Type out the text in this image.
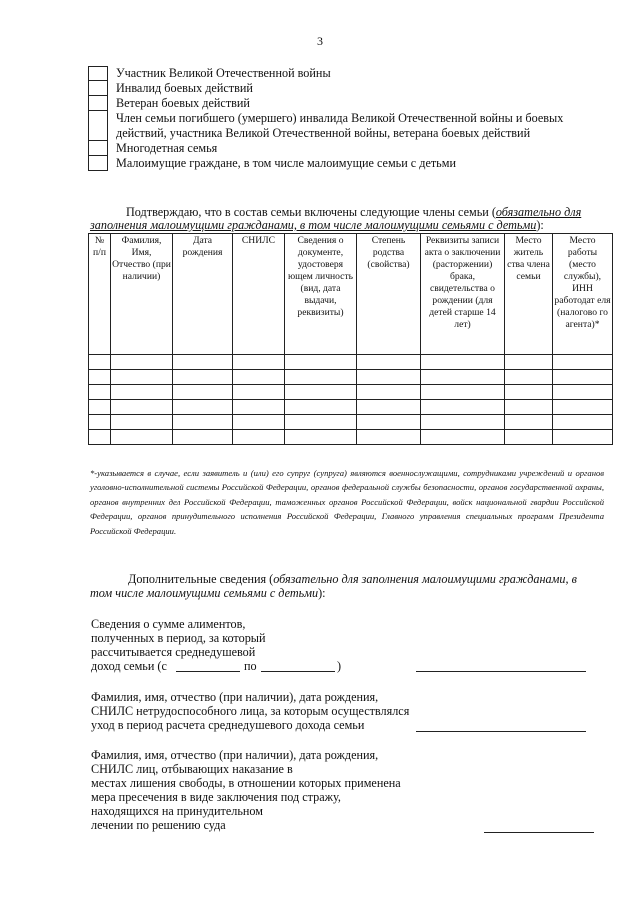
3
Участник Великой Отечественной войны
Инвалид боевых действий
Ветеран боевых действий
Член семьи погибшего (умершего) инвалида Великой Отечественной войны и боевых действий, участника Великой Отечественной войны, ветерана боевых действий
Многодетная семья
Малоимущие граждане, в том числе малоимущие семьи с детьми
Подтверждаю, что в состав семьи включены следующие члены семьи (обязательно для заполнения малоимущими гражданами, в том числе малоимущими семьями с детьми):
№ п/п	Фамилия, Имя, Отчество (при наличии)	Дата рождения	СНИЛС	Сведения о документе, удостоверя ющем личность (вид, дата выдачи, реквизиты)	Степень родства (свойства)	Реквизиты записи акта о заключении (расторжении) брака, свидетельства о рождении (для детей старше 14 лет)	Место житель ства члена семьи	Место работы (место службы), ИНН работодат еля (налогово го агента)*

*-указывается в случае, если заявитель и (или) его супруг (супруга) являются военнослужащими, сотрудниками учреждений и органов уголовно-исполнительной системы Российской Федерации, органов федеральной службы безопасности, органов государственной охраны, органов внутренних дел Российской Федерации, таможенных органов Российской Федерации, войск национальной гвардии Российской Федерации, органов принудительного исполнения Российской Федерации, Главного управления специальных программ Президента Российской Федерации.
Дополнительные сведения (обязательно для заполнения малоимущими гражданами, в том числе малоимущими семьями с детьми):
Сведения о сумме алиментов,
полученных в период, за который
рассчитывается среднедушевой
доход семьи (с	по	)
Фамилия, имя, отчество (при наличии), дата рождения,
СНИЛС нетрудоспособного лица, за которым осуществлялся
уход в период расчета среднедушевого дохода семьи
Фамилия, имя, отчество (при наличии), дата рождения,
СНИЛС лиц, отбывающих наказание в
местах лишения свободы, в отношении которых применена
мера пресечения в виде заключения под стражу,
находящихся на принудительном
лечении по решению суда
